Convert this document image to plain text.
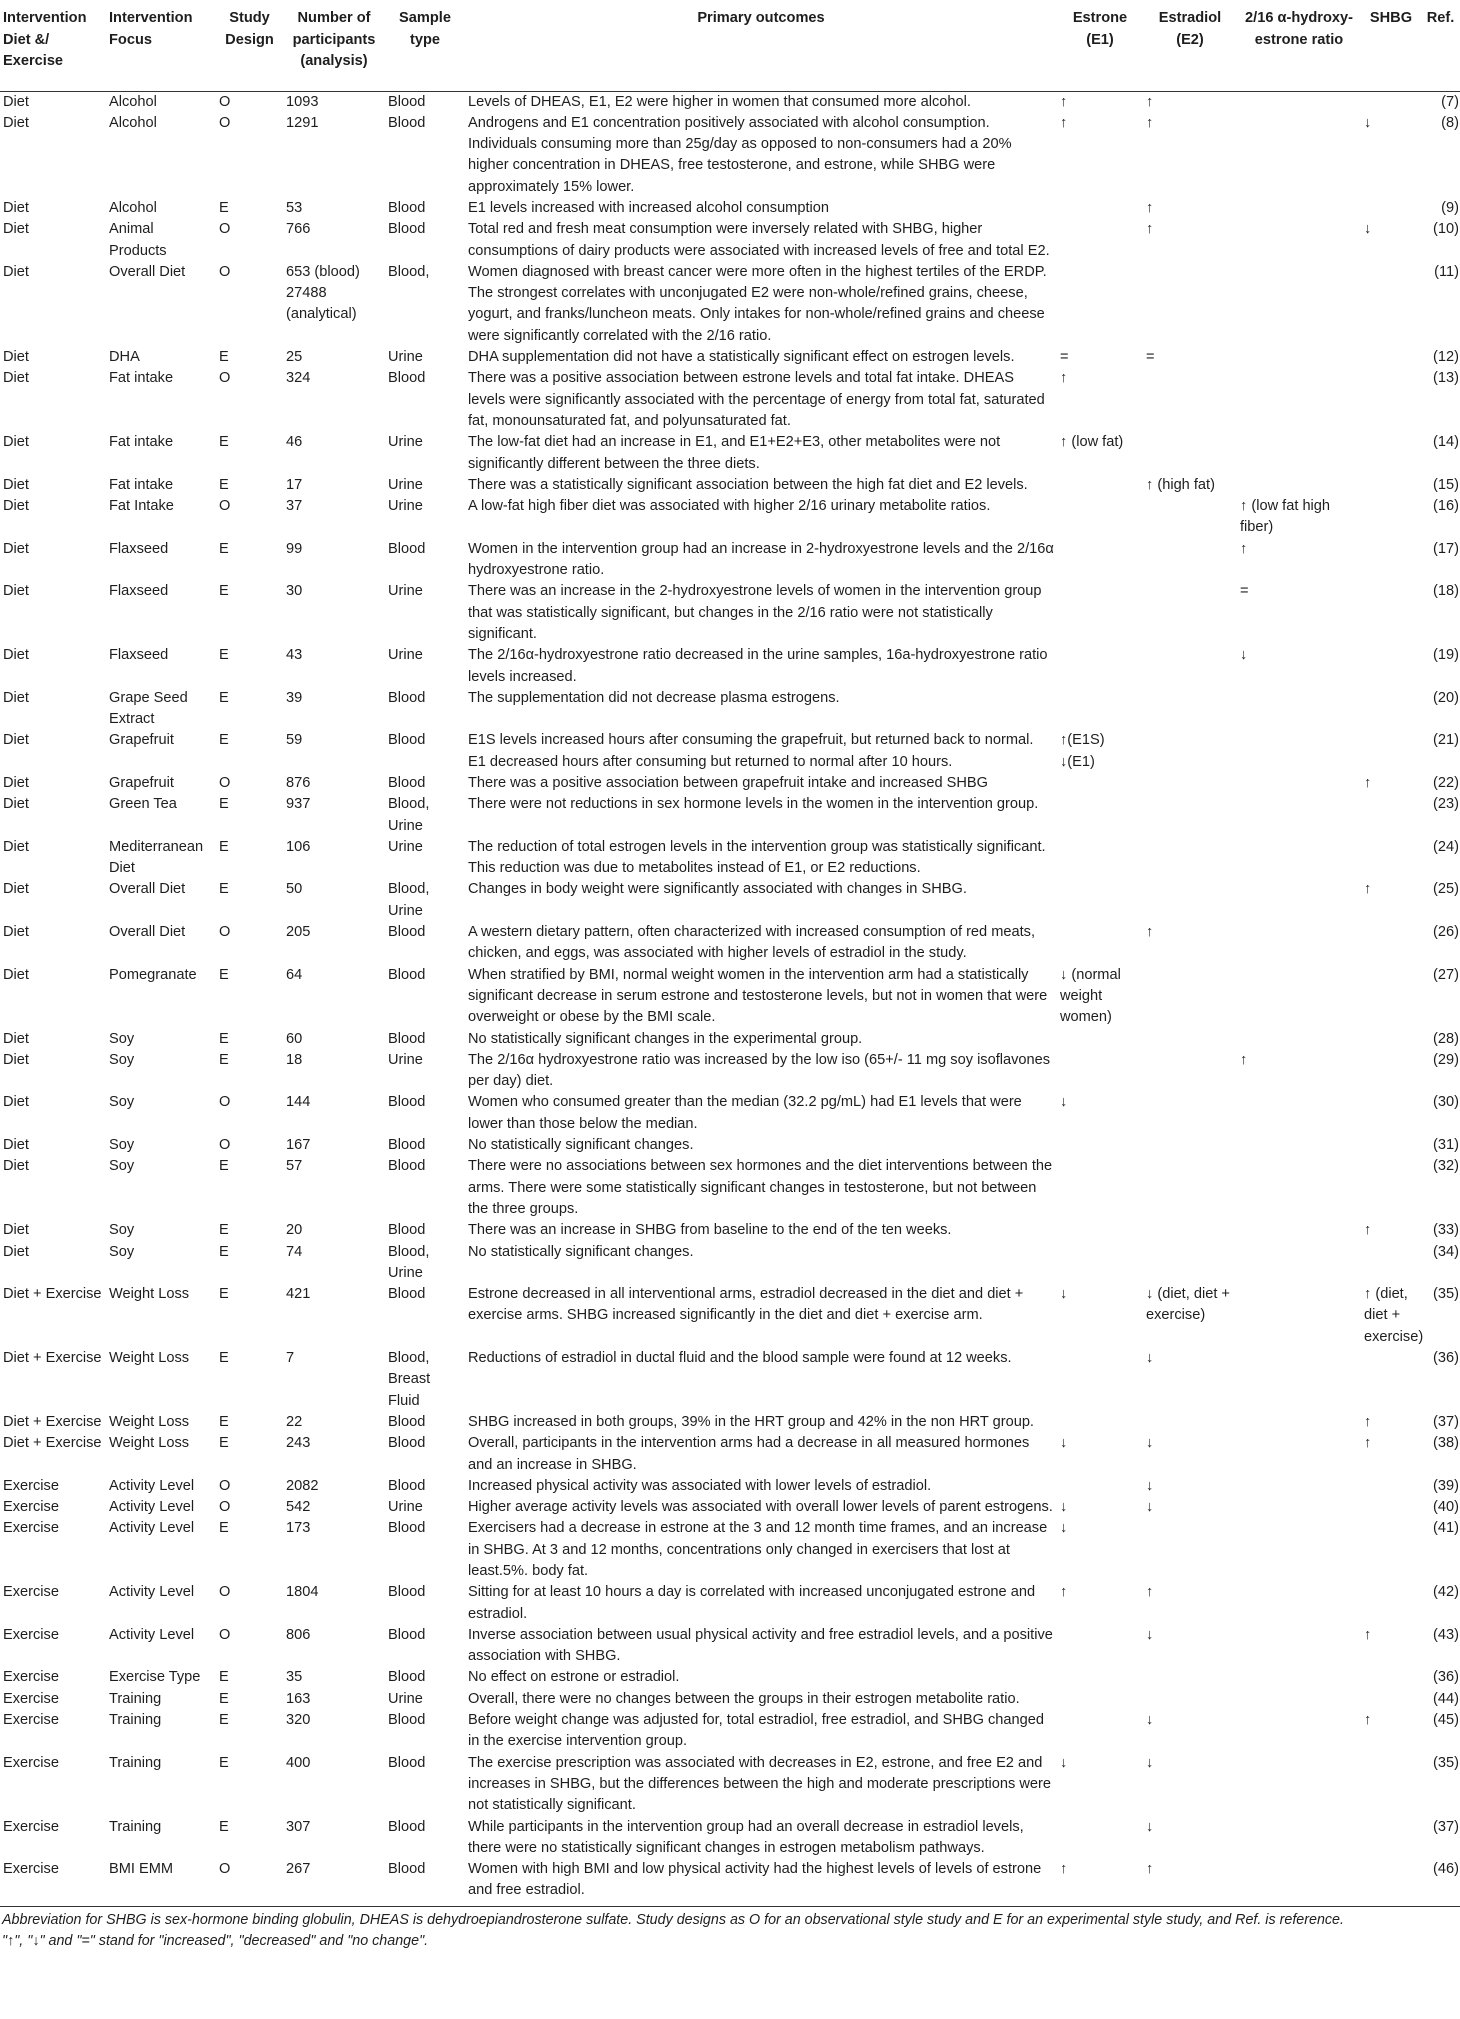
Intervention Diet &/ Exercise	Intervention Focus	Study Design	Number of participants (analysis)	Sample type	Primary outcomes	Estrone (E1)	Estradiol (E2)	2/16 α-hydroxy-estrone ratio	SHBG	Ref.
Diet	Alcohol	O	1093	Blood	Levels of DHEAS, E1, E2 were higher in women that consumed more alcohol.	↑	↑			(7)
Diet	Alcohol	O	1291	Blood	Androgens and E1 concentration positively associated with alcohol consumption. Individuals consuming more than 25g/day as opposed to non-consumers had a 20% higher concentration in DHEAS, free testosterone, and estrone, while SHBG were approximately 15% lower.	↑	↑		↓	(8)
Diet	Alcohol	E	53	Blood	E1 levels increased with increased alcohol consumption		↑			(9)
Diet	Animal Products	O	766	Blood	Total red and fresh meat consumption were inversely related with SHBG, higher consumptions of dairy products were associated with increased levels of free and total E2.		↑		↓	(10)
Diet	Overall Diet	O	653 (blood) 27488 (analytical)	Blood,	Women diagnosed with breast cancer were more often in the highest tertiles of the ERDP. The strongest correlates with unconjugated E2 were non-whole/refined grains, cheese, yogurt, and franks/luncheon meats. Only intakes for non-whole/refined grains and cheese were significantly correlated with the 2/16 ratio.					(11)
Diet	DHA	E	25	Urine	DHA supplementation did not have a statistically significant effect on estrogen levels.	=	=			(12)
Diet	Fat intake	O	324	Blood	There was a positive association between estrone levels and total fat intake. DHEAS levels were significantly associated with the percentage of energy from total fat, saturated fat, monounsaturated fat, and polyunsaturated fat.	↑				(13)
Diet	Fat intake	E	46	Urine	The low-fat diet had an increase in E1, and E1+E2+E3, other metabolites were not significantly different between the three diets.	↑ (low fat)				(14)
Diet	Fat intake	E	17	Urine	There was a statistically significant association between the high fat diet and E2 levels.		↑ (high fat)			(15)
Diet	Fat Intake	O	37	Urine	A low-fat high fiber diet was associated with higher 2/16 urinary metabolite ratios.			↑ (low fat high fiber)		(16)
Diet	Flaxseed	E	99	Blood	Women in the intervention group had an increase in 2-hydroxyestrone levels and the 2/16α hydroxyestrone ratio.			↑		(17)
Diet	Flaxseed	E	30	Urine	There was an increase in the 2-hydroxyestrone levels of women in the intervention group that was statistically significant, but changes in the 2/16 ratio were not statistically significant.			=		(18)
Diet	Flaxseed	E	43	Urine	The 2/16α-hydroxyestrone ratio decreased in the urine samples, 16a-hydroxyestrone ratio levels increased.			↓		(19)
Diet	Grape Seed Extract	E	39	Blood	The supplementation did not decrease plasma estrogens.					(20)
Diet	Grapefruit	E	59	Blood	E1S levels increased hours after consuming the grapefruit, but returned back to normal. E1 decreased hours after consuming but returned to normal after 10 hours.	↑(E1S) ↓(E1)				(21)
Diet	Grapefruit	O	876	Blood	There was a positive association between grapefruit intake and increased SHBG				↑	(22)
Diet	Green Tea	E	937	Blood, Urine	There were not reductions in sex hormone levels in the women in the intervention group.					(23)
Diet	Mediterranean Diet	E	106	Urine	The reduction of total estrogen levels in the intervention group was statistically significant. This reduction was due to metabolites instead of E1, or E2 reductions.					(24)
Diet	Overall Diet	E	50	Blood, Urine	Changes in body weight were significantly associated with changes in SHBG.				↑	(25)
Diet	Overall Diet	O	205	Blood	A western dietary pattern, often characterized with increased consumption of red meats, chicken, and eggs, was associated with higher levels of estradiol in the study.		↑			(26)
Diet	Pomegranate	E	64	Blood	When stratified by BMI, normal weight women in the intervention arm had a statistically significant decrease in serum estrone and testosterone levels, but not in women that were overweight or obese by the BMI scale.	↓ (normal weight women)				(27)
Diet	Soy	E	60	Blood	No statistically significant changes in the experimental group.					(28)
Diet	Soy	E	18	Urine	The 2/16α hydroxyestrone ratio was increased by the low iso (65+/- 11 mg soy isoflavones per day) diet.			↑		(29)
Diet	Soy	O	144	Blood	Women who consumed greater than the median (32.2 pg/mL) had E1 levels that were lower than those below the median.	↓				(30)
Diet	Soy	O	167	Blood	No statistically significant changes.					(31)
Diet	Soy	E	57	Blood	There were no associations between sex hormones and the diet interventions between the arms. There were some statistically significant changes in testosterone, but not between the three groups.					(32)
Diet	Soy	E	20	Blood	There was an increase in SHBG from baseline to the end of the ten weeks.				↑	(33)
Diet	Soy	E	74	Blood, Urine	No statistically significant changes.					(34)
Diet + Exercise	Weight Loss	E	421	Blood	Estrone decreased in all interventional arms, estradiol decreased in the diet and diet + exercise arms. SHBG increased significantly in the diet and diet + exercise arm.	↓	↓ (diet, diet + exercise)		↑ (diet, diet + exercise)	(35)
Diet + Exercise	Weight Loss	E	7	Blood, Breast Fluid	Reductions of estradiol in ductal fluid and the blood sample were found at 12 weeks.		↓			(36)
Diet + Exercise	Weight Loss	E	22	Blood	SHBG increased in both groups, 39% in the HRT group and 42% in the non HRT group.				↑	(37)
Diet + Exercise	Weight Loss	E	243	Blood	Overall, participants in the intervention arms had a decrease in all measured hormones and an increase in SHBG.	↓	↓		↑	(38)
Exercise	Activity Level	O	2082	Blood	Increased physical activity was associated with lower levels of estradiol.		↓			(39)
Exercise	Activity Level	O	542	Urine	Higher average activity levels was associated with overall lower levels of parent estrogens.	↓	↓			(40)
Exercise	Activity Level	E	173	Blood	Exercisers had a decrease in estrone at the 3 and 12 month time frames, and an increase in SHBG. At 3 and 12 months, concentrations only changed in exercisers that lost at least.5%. body fat.	↓				(41)
Exercise	Activity Level	O	1804	Blood	Sitting for at least 10 hours a day is correlated with increased unconjugated estrone and estradiol.	↑	↑			(42)
Exercise	Activity Level	O	806	Blood	Inverse association between usual physical activity and free estradiol levels, and a positive association with SHBG.		↓		↑	(43)
Exercise	Exercise Type	E	35	Blood	No effect on estrone or estradiol.					(36)
Exercise	Training	E	163	Urine	Overall, there were no changes between the groups in their estrogen metabolite ratio.					(44)
Exercise	Training	E	320	Blood	Before weight change was adjusted for, total estradiol, free estradiol, and SHBG changed in the exercise intervention group.		↓		↑	(45)
Exercise	Training	E	400	Blood	The exercise prescription was associated with decreases in E2, estrone, and free E2 and increases in SHBG, but the differences between the high and moderate prescriptions were not statistically significant.	↓	↓			(35)
Exercise	Training	E	307	Blood	While participants in the intervention group had an overall decrease in estradiol levels, there were no statistically significant changes in estrogen metabolism pathways.		↓			(37)
Exercise	BMI EMM	O	267	Blood	Women with high BMI and low physical activity had the highest levels of levels of estrone and free estradiol.	↑	↑			(46)
Abbreviation for SHBG is sex-hormone binding globulin, DHEAS is dehydroepiandrosterone sulfate. Study designs as O for an observational style study and E for an experimental style study, and Ref. is reference.
"↑", "↓" and "=" stand for "increased", "decreased" and "no change".
